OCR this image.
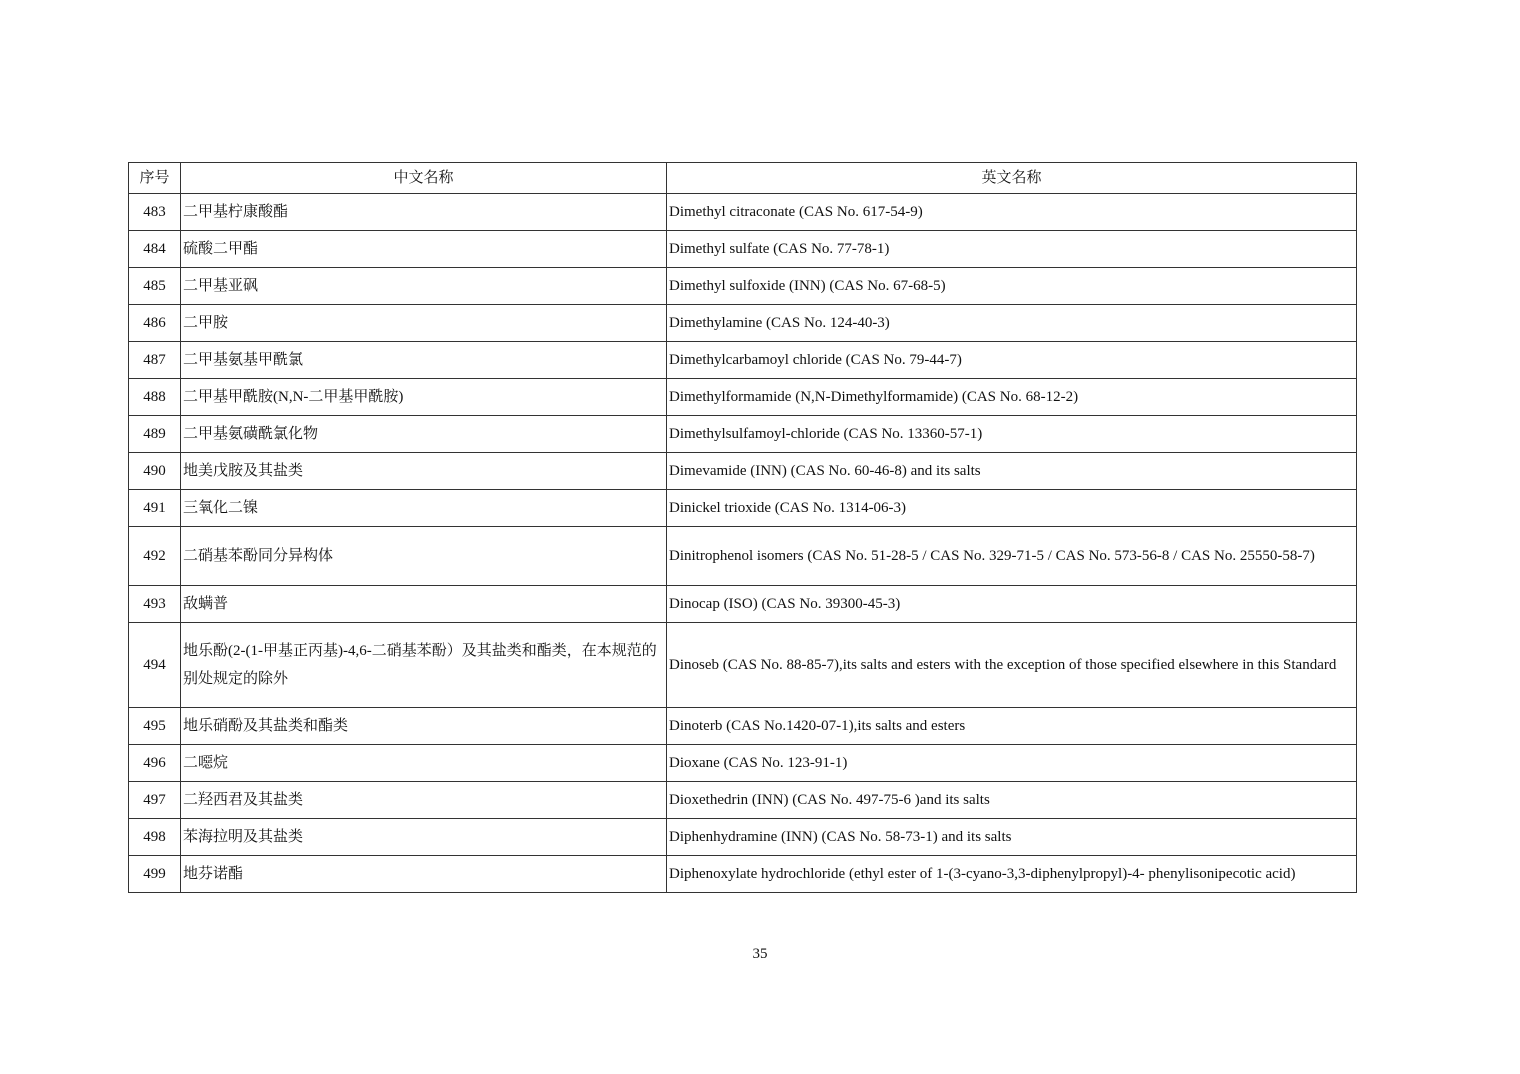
序号	中文名称	英文名称
483	二甲基柠康酸酯	Dimethyl citraconate (CAS No. 617-54-9)
484	硫酸二甲酯	Dimethyl sulfate (CAS No. 77-78-1)
485	二甲基亚砜	Dimethyl sulfoxide (INN) (CAS No. 67-68-5)
486	二甲胺	Dimethylamine (CAS No. 124-40-3)
487	二甲基氨基甲酰氯	Dimethylcarbamoyl chloride (CAS No. 79-44-7)
488	二甲基甲酰胺(N,N-二甲基甲酰胺)	Dimethylformamide (N,N-Dimethylformamide) (CAS No. 68-12-2)
489	二甲基氨磺酰氯化物	Dimethylsulfamoyl-chloride (CAS No. 13360-57-1)
490	地美戊胺及其盐类	Dimevamide (INN) (CAS No. 60-46-8) and its salts
491	三氧化二镍	Dinickel trioxide (CAS No. 1314-06-3)
492	二硝基苯酚同分异构体	Dinitrophenol isomers (CAS No. 51-28-5 / CAS No. 329-71-5 / CAS No. 573-56-8 / CAS No. 25550-58-7)
493	敌螨普	Dinocap (ISO) (CAS No. 39300-45-3)
494	地乐酚(2-(1-甲基正丙基)-4,6-二硝基苯酚）及其盐类和酯类，在本规范的别处规定的除外	Dinoseb (CAS No. 88-85-7),its salts and esters with the exception of those specified elsewhere in this Standard
495	地乐硝酚及其盐类和酯类	Dinoterb (CAS No.1420-07-1),its salts and esters
496	二噁烷	Dioxane (CAS No. 123-91-1)
497	二羟西君及其盐类	Dioxethedrin (INN) (CAS No. 497-75-6 )and its salts
498	苯海拉明及其盐类	Diphenhydramine (INN) (CAS No. 58-73-1) and its salts
499	地芬诺酯	Diphenoxylate hydrochloride (ethyl ester of 1-(3-cyano-3,3-diphenylpropyl)-4- phenylisonipecotic acid)
35
